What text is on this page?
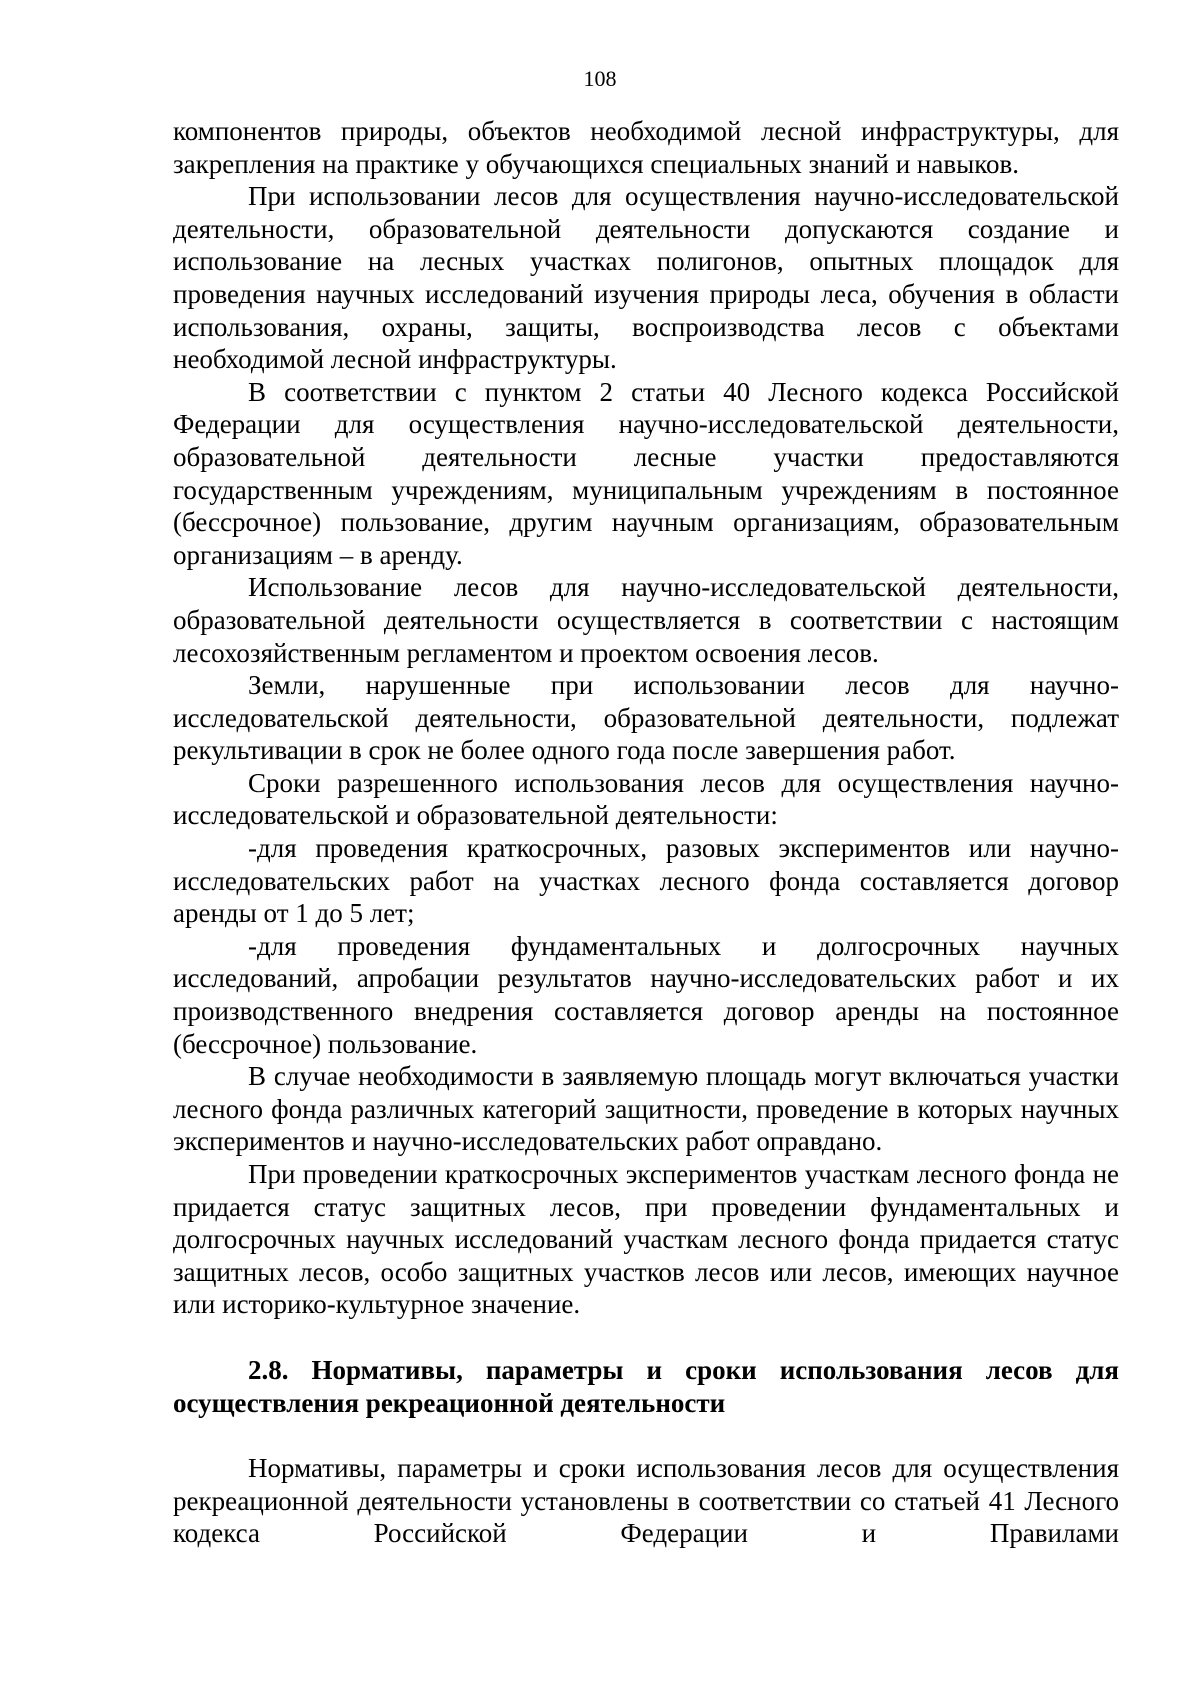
108

компонентов природы, объектов необходимой лесной инфраструктуры, для закрепления на практике у обучающихся специальных знаний и навыков.

При использовании лесов для осуществления научно-исследовательской деятельности, образовательной деятельности допускаются создание и использование на лесных участках полигонов, опытных площадок для проведения научных исследований изучения природы леса, обучения в области использования, охраны, защиты, воспроизводства лесов с объектами необходимой лесной инфраструктуры.

В соответствии с пунктом 2 статьи 40 Лесного кодекса Российской Федерации для осуществления научно-исследовательской деятельности, образовательной деятельности лесные участки предоставляются государственным учреждениям, муниципальным учреждениям в постоянное (бессрочное) пользование, другим научным организациям, образовательным организациям – в аренду.

Использование лесов для научно-исследовательской деятельности, образовательной деятельности осуществляется в соответствии с настоящим лесохозяйственным регламентом и проектом освоения лесов.

Земли, нарушенные при использовании лесов для научно-исследовательской деятельности, образовательной деятельности, подлежат рекультивации в срок не более одного года после завершения работ.

Сроки разрешенного использования лесов для осуществления научно-исследовательской и образовательной деятельности:

-для проведения краткосрочных, разовых экспериментов или научно-исследовательских работ на участках лесного фонда составляется договор аренды от 1 до 5 лет;

-для проведения фундаментальных и долгосрочных научных исследований, апробации результатов научно-исследовательских работ и их производственного внедрения составляется договор аренды на постоянное (бессрочное) пользование.

В случае необходимости в заявляемую площадь могут включаться участки лесного фонда различных категорий защитности, проведение в которых научных экспериментов и научно-исследовательских работ оправдано.

При проведении краткосрочных экспериментов участкам лесного фонда не придается статус защитных лесов, при проведении фундаментальных и долгосрочных научных исследований участкам лесного фонда придается статус защитных лесов, особо защитных участков лесов или лесов, имеющих научное или историко-культурное значение.

2.8. Нормативы, параметры и сроки использования лесов для осуществления рекреационной деятельности

Нормативы, параметры и сроки использования лесов для осуществления рекреационной деятельности установлены в соответствии со статьей 41 Лесного кодекса Российской Федерации и Правилами
